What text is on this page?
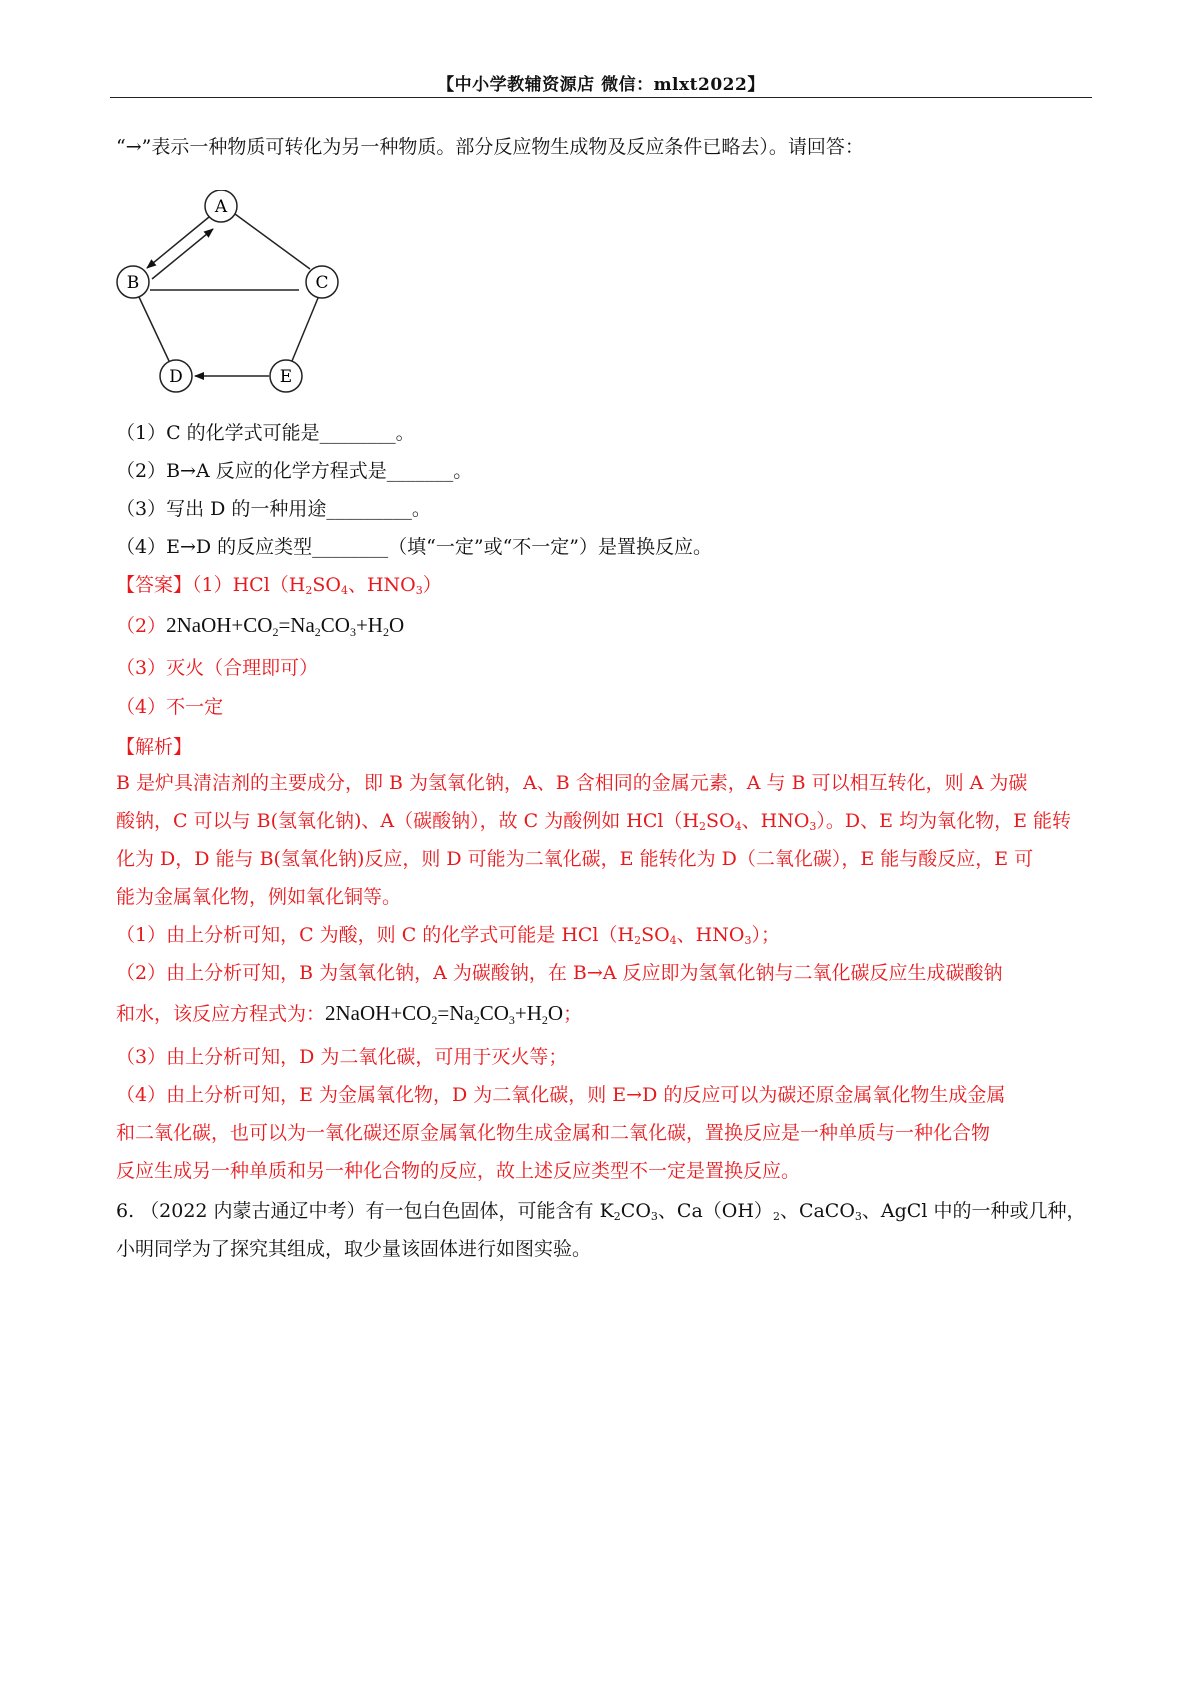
【中小学教辅资源店 微信：mlxt2022】
“→”表示一种物质可转化为另一种物质。部分反应物生成物及反应条件已略去）。请回答：
A
B	C
D	E
（1）C 的化学式可能是________。
（2）B→A 反应的化学方程式是_______。
（3）写出 D 的一种用途_________。
（4）E→D 的反应类型________（填“一定”或“不一定”）是置换反应。
【答案】$(1)HCl(H_2SO_4$、$HNO_3$）
$(2)2NaOH+CO_2=Na_2CO_3+H_2O$
（3）灭火（合理即可）
（4）不一定
【解析】
B 是炉具清洁剂的主要成分，即 B 为氢氧化钠，A、B 含相同的金属元素，A 与 B 可以相互转化，则 A 为碳
酸钠，C 可以与 B(氢氧化钠)、A（碳酸钠），故 C 为酸例如 $HCl(H_2SO_4$、$HNO_3$）。D、E 均为氧化物，E 能转
化为 D，D 能与 B(氢氧化钠)反应，则 D 可能为二氧化碳，E 能转化为 D（二氧化碳），E 能与酸反应，E 可
能为金属氧化物，例如氧化铜等。
（1）由上分析可知，C 为酸，则 C 的化学式可能是 $HCl(H_2SO_4$、$HNO_3$）；
（2）由上分析可知，B 为氢氧化钠，A 为碳酸钠，在 B→A 反应即为氢氧化钠与二氧化碳反应生成碳酸钠
和水，该反应方程式为：$2NaOH+CO_2=Na_2CO_3+H_2O$；
（3）由上分析可知，D 为二氧化碳，可用于灭火等；
（4）由上分析可知，E 为金属氧化物，D 为二氧化碳，则 E→D 的反应可以为碳还原金属氧化物生成金属
和二氧化碳，也可以为一氧化碳还原金属氧化物生成金属和二氧化碳，置换反应是一种单质与一种化合物
反应生成另一种单质和另一种化合物的反应，故上述反应类型不一定是置换反应。
6. （2022 内蒙古通辽中考）有一包白色固体，可能含有 $K_2CO_3$、$Ca(OH)_2$、CaCO$_3$、AgCl 中的一种或几种，
小明同学为了探究其组成，取少量该固体进行如图实验。
